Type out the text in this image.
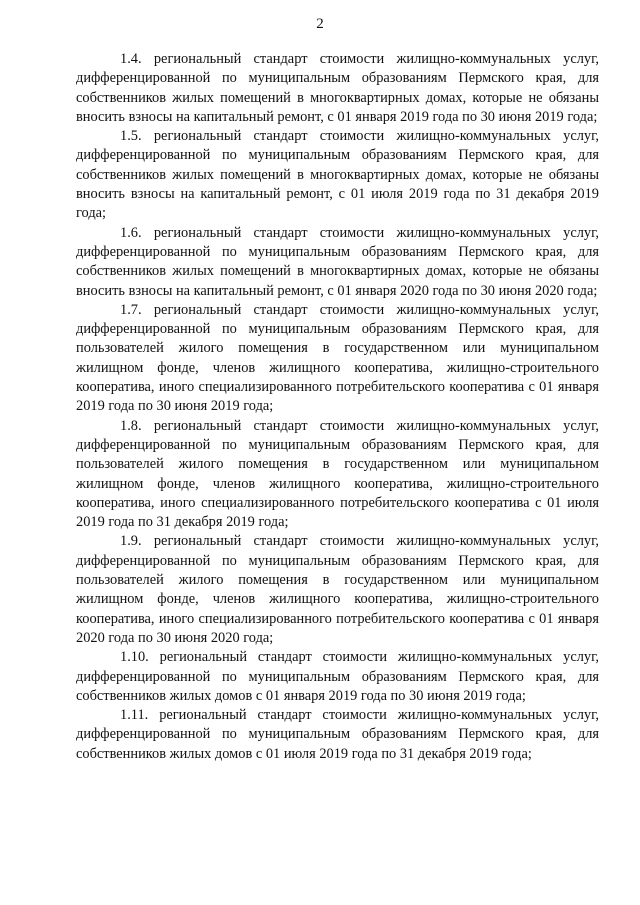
2

1.4. региональный стандарт стоимости жилищно-коммунальных услуг, дифференцированной по муниципальным образованиям Пермского края, для собственников жилых помещений в многоквартирных домах, которые не обязаны вносить взносы на капитальный ремонт, с 01 января 2019 года по 30 июня 2019 года;

1.5. региональный стандарт стоимости жилищно-коммунальных услуг, дифференцированной по муниципальным образованиям Пермского края, для собственников жилых помещений в многоквартирных домах, которые не обязаны вносить взносы на капитальный ремонт, с 01 июля 2019 года по 31 декабря 2019 года;

1.6. региональный стандарт стоимости жилищно-коммунальных услуг, дифференцированной по муниципальным образованиям Пермского края, для собственников жилых помещений в многоквартирных домах, которые не обязаны вносить взносы на капитальный ремонт, с 01 января 2020 года по 30 июня 2020 года;

1.7. региональный стандарт стоимости жилищно-коммунальных услуг, дифференцированной по муниципальным образованиям Пермского края, для пользователей жилого помещения в государственном или муниципальном жилищном фонде, членов жилищного кооператива, жилищно-строительного кооператива, иного специализированного потребительского кооператива с 01 января 2019 года по 30 июня 2019 года;

1.8. региональный стандарт стоимости жилищно-коммунальных услуг, дифференцированной по муниципальным образованиям Пермского края, для пользователей жилого помещения в государственном или муниципальном жилищном фонде, членов жилищного кооператива, жилищно-строительного кооператива, иного специализированного потребительского кооператива с 01 июля 2019 года по 31 декабря 2019 года;

1.9. региональный стандарт стоимости жилищно-коммунальных услуг, дифференцированной по муниципальным образованиям Пермского края, для пользователей жилого помещения в государственном или муниципальном жилищном фонде, членов жилищного кооператива, жилищно-строительного кооператива, иного специализированного потребительского кооператива с 01 января 2020 года по 30 июня 2020 года;

1.10. региональный стандарт стоимости жилищно-коммунальных услуг, дифференцированной по муниципальным образованиям Пермского края, для собственников жилых домов с 01 января 2019 года по 30 июня 2019 года;

1.11. региональный стандарт стоимости жилищно-коммунальных услуг, дифференцированной по муниципальным образованиям Пермского края, для собственников жилых домов с 01 июля 2019 года по 31 декабря 2019 года;
